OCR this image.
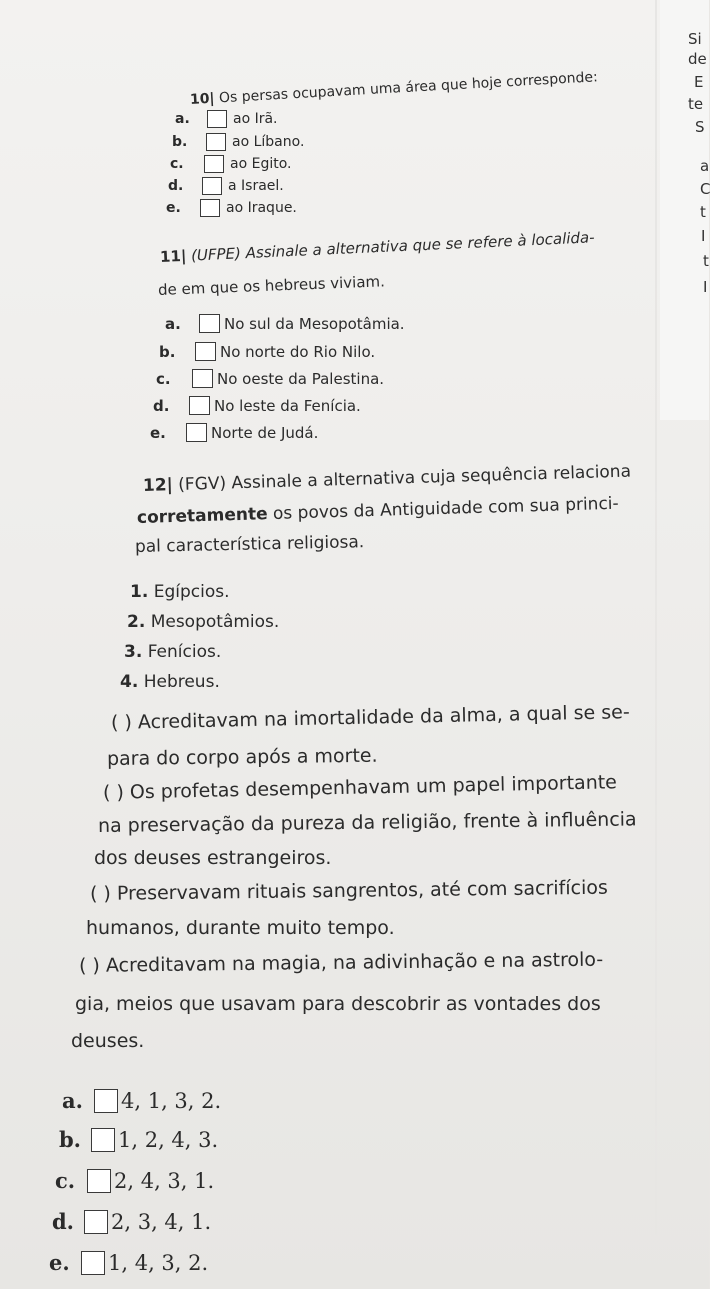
Si
de
E
te
S
a
C
t
I
t
I
10| Os persas ocupavam uma área que hoje corresponde:
a.	ao Irã.
b.	ao Líbano.
c.	ao Egito.
d.	a Israel.
e.	ao Iraque.
11| (UFPE) Assinale a alternativa que se refere à localida-
de em que os hebreus viviam.
a.	No sul da Mesopotâmia.
b.	No norte do Rio Nilo.
c.	No oeste da Palestina.
d.	No leste da Fenícia.
e.	Norte de Judá.
12| (FGV) Assinale a alternativa cuja sequência relaciona
corretamente os povos da Antiguidade com sua princi-
pal característica religiosa.
1. Egípcios.
2. Mesopotâmios.
3. Fenícios.
4. Hebreus.
( ) Acreditavam na imortalidade da alma, a qual se se-
para do corpo após a morte.
( ) Os profetas desempenhavam um papel importante
na preservação da pureza da religião, frente à influência
dos deuses estrangeiros.
( ) Preservavam rituais sangrentos, até com sacrifícios
humanos, durante muito tempo.
( ) Acreditavam na magia, na adivinhação e na astrolo-
gia, meios que usavam para descobrir as vontades dos
deuses.
a.	4, 1, 3, 2.
b.	1, 2, 4, 3.
c.	2, 4, 3, 1.
d.	2, 3, 4, 1.
e.	1, 4, 3, 2.
